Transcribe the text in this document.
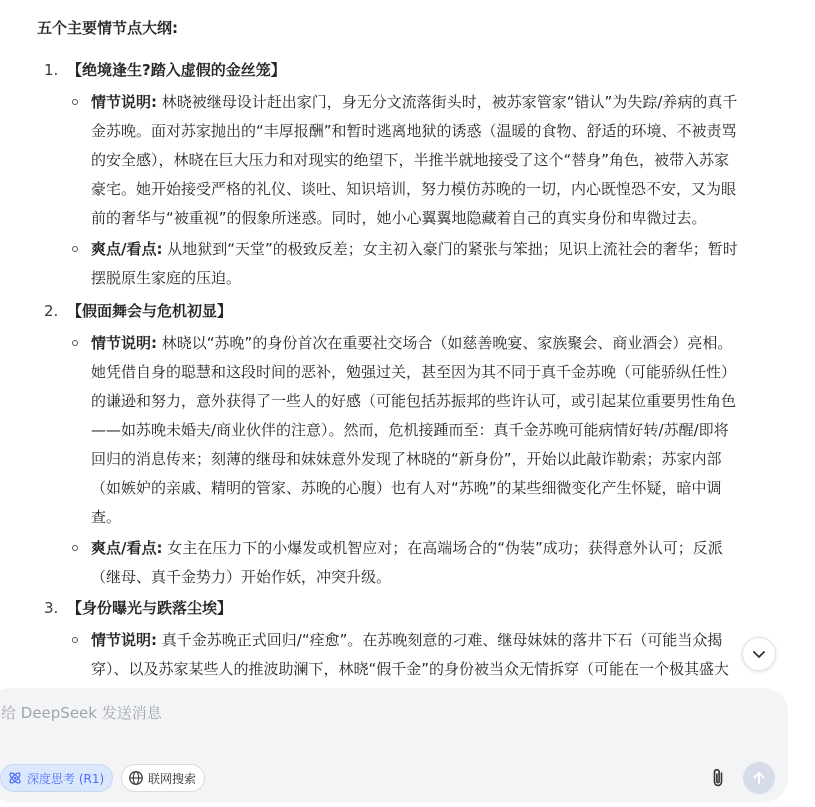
五个主要情节点大纲:
1. 【绝境逢生?踏入虚假的金丝笼】
情节说明: 林晓被继母设计赶出家门，身无分文流落街头时，被苏家管家“错认”为失踪/养病的真千
金苏晚。面对苏家抛出的“丰厚报酬”和暂时逃离地狱的诱惑（温暖的食物、舒适的环境、不被责骂
的安全感），林晓在巨大压力和对现实的绝望下，半推半就地接受了这个“替身”角色，被带入苏家
豪宅。她开始接受严格的礼仪、谈吐、知识培训，努力模仿苏晚的一切，内心既惶恐不安，又为眼
前的奢华与“被重视”的假象所迷惑。同时，她小心翼翼地隐藏着自己的真实身份和卑微过去。
爽点/看点: 从地狱到“天堂”的极致反差；女主初入豪门的紧张与笨拙；见识上流社会的奢华；暂时
摆脱原生家庭的压迫。
2. 【假面舞会与危机初显】
情节说明: 林晓以“苏晚”的身份首次在重要社交场合（如慈善晚宴、家族聚会、商业酒会）亮相。
她凭借自身的聪慧和这段时间的恶补，勉强过关，甚至因为其不同于真千金苏晚（可能骄纵任性）
的谦逊和努力，意外获得了一些人的好感（可能包括苏振邦的些许认可，或引起某位重要男性角色
——如苏晚未婚夫/商业伙伴的注意）。然而，危机接踵而至：真千金苏晚可能病情好转/苏醒/即将
回归的消息传来；刻薄的继母和妹妹意外发现了林晓的“新身份”，开始以此敲诈勒索；苏家内部
（如嫉妒的亲戚、精明的管家、苏晚的心腹）也有人对“苏晚”的某些细微变化产生怀疑，暗中调
查。
爽点/看点: 女主在压力下的小爆发或机智应对；在高端场合的“伪装”成功；获得意外认可；反派
（继母、真千金势力）开始作妖，冲突升级。
3. 【身份曝光与跌落尘埃】
情节说明: 真千金苏晚正式回归/“痊愈”。在苏晚刻意的刁难、继母妹妹的落井下石（可能当众揭
穿）、以及苏家某些人的推波助澜下，林晓“假千金”的身份被当众无情拆穿（可能在一个极其盛大
给 DeepSeek 发送消息
深度思考 (R1)	联网搜索
